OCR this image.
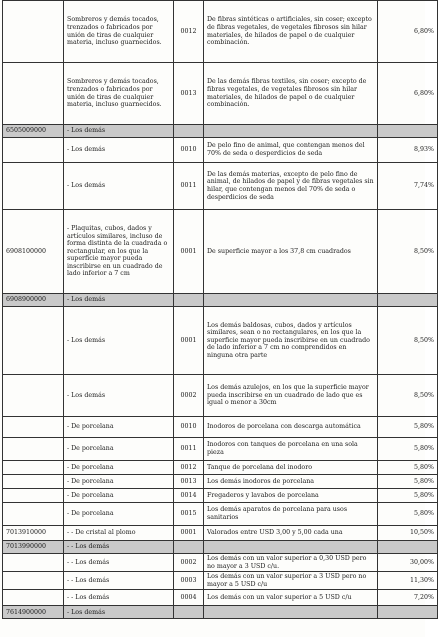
	Sombreros y demás tocados, trenzados o fabricados por unión de tiras de cualquier materia, incluso guarnecidos.	0012	De fibras sintéticas o artificiales, sin coser; excepto de fibras vegetales, de vegetales fibrosos sin hilar materiales, de hilados de papel o de cualquier combinación.	6,80%
	Sombreros y demás tocados, trenzados o fabricados por unión de tiras de cualquier materia, incluso guarnecidos.	0013	De las demás fibras textiles, sin coser; excepto de fibras vegetales, de vegetales fibrosos sin hilar materiales, de hilados de papel o de cualquier combinación.	6,80%
6505009000	- Los demás			
	- Los demás	0010	De pelo fino de animal, que contengan menos del 70% de seda o desperdicios de seda	8,93%
	- Los demás	0011	De las demás materias, excepto de pelo fino de animal, de hilados de papel y de fibras vegetales sin hilar, que contengan menos del 70% de seda o desperdicios de seda	7,74%
6908100000	- Plaquitas, cubos, dados y artículos similares, incluso de forma distinta de la cuadrada o rectangular, en los que la superficie mayor pueda inscribirse en un cuadrado de lado inferior a 7 cm	0001	De superficie mayor a los 37,8 cm cuadrados	8,50%
6908900000	- Los demás			
	- Los demás	0001	Los demás baldosas, cubos, dados y artículos similares, sean o no rectangulares, en los que la superficie mayor pueda inscribirse en un cuadrado de lado inferior a 7 cm no comprendidos en ninguna otra parte	8,50%
	- Los demás	0002	Los demás azulejos, en los que la superficie mayor pueda inscribirse en un cuadrado de lado que es igual o menor a 30cm	8,50%
	- De porcelana	0010	Inodoros de porcelana con descarga automática	5,80%
	- De porcelana	0011	Inodoros con tanques de porcelana en una sola pieza	5,80%
	- De porcelana	0012	Tanque de porcelana del inodoro	5,80%
	- De porcelana	0013	Los demás inodoros de porcelana	5,80%
	- De porcelana	0014	Fregaderos y lavabos de porcelana	5,80%
	- De porcelana	0015	Los demás aparatos de porcelana para usos sanitarios	5,80%
7013910000	- - De cristal al plomo	0001	Valorados entre USD 3,00 y 5,00 cada una	10,50%
7013990000	- - Los demás			
	- - Los demás	0002	Los demás con un valor superior a 0,30 USD pero no mayor a 3 USD c/u.	30,00%
	- - Los demás	0003	Los demás con un valor superior a 3 USD pero no mayor a 5 USD c/u	11,30%
	- - Los demás	0004	Los demás con un valor superior a 5 USD c/u	7,20%
7614900000	- Los demás			
